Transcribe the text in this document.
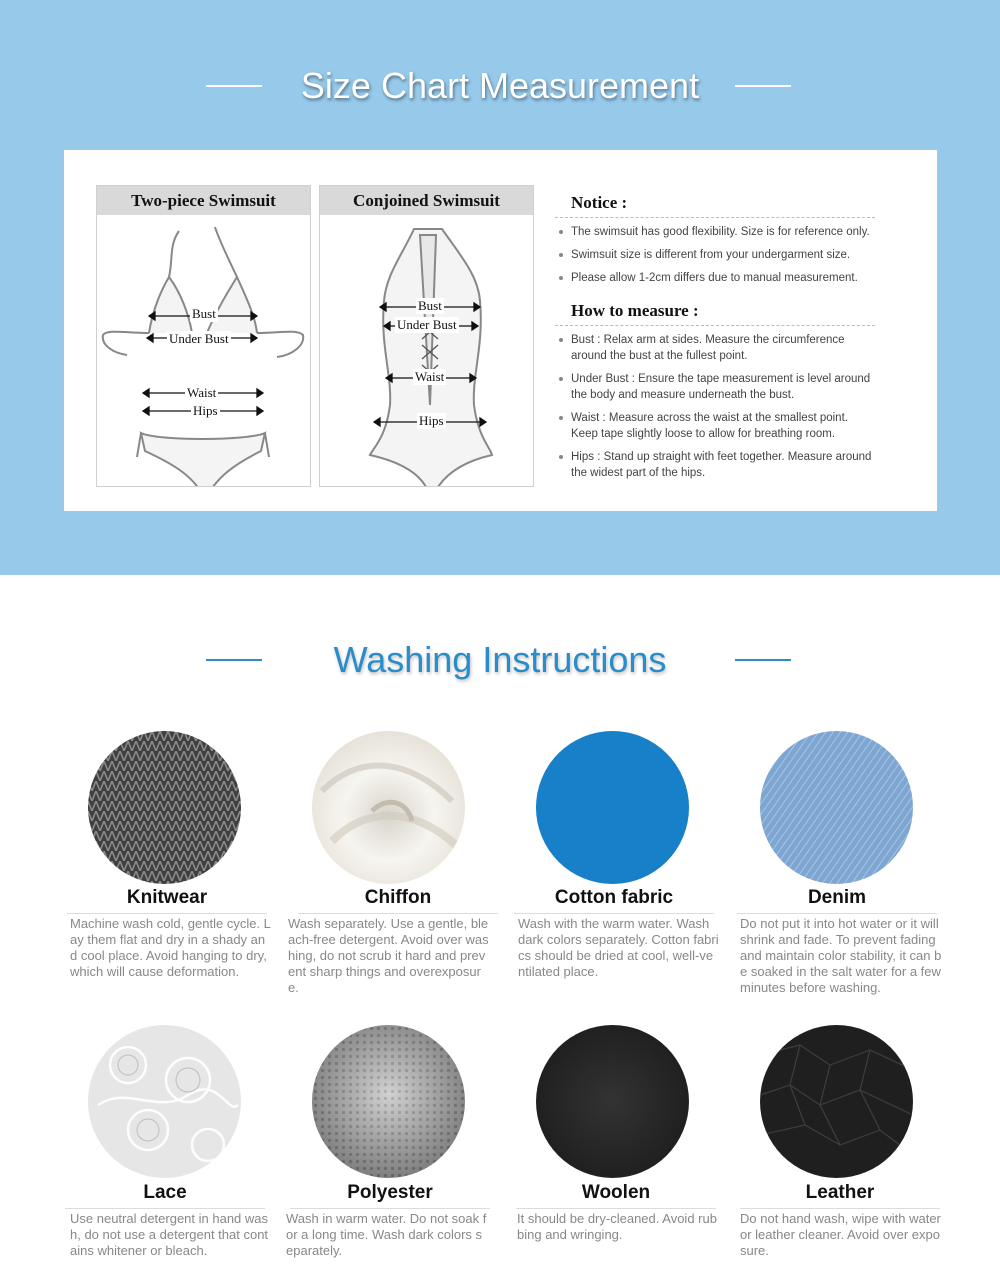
Size Chart Measurement
Two-piece Swimsuit
Bust
Under Bust
Waist
Hips
Conjoined Swimsuit
Bust
Under Bust
Waist
Hips
Notice :
The swimsuit has good flexibility. Size is for reference only.
Swimsuit size is different from your undergarment size.
Please allow 1-2cm differs due to manual measurement.
How to measure :
Bust : Relax arm at sides. Measure the circumference around the bust at the fullest point.
Under Bust : Ensure the tape measurement is level around the body and measure underneath the bust.
Waist : Measure across the waist at the smallest point. Keep tape slightly loose to allow for breathing room.
Hips : Stand up straight with feet together. Measure around the widest part of the hips.
Washing Instructions
Knitwear
Machine wash cold, gentle cycle. Lay them flat and dry in a shady and cool place. Avoid hanging to dry, which will cause deformation.
Chiffon
Wash separately. Use a gentle, bleach-free detergent. Avoid over washing, do not scrub it hard and prevent sharp things and overexposure.
Cotton fabric
Wash with the warm water. Wash dark colors separately. Cotton fabrics should be dried at cool, well-ventilated place.
Denim
Do not put it into hot water or it will shrink and fade. To prevent fading and maintain color stability, it can be soaked in the salt water for a few minutes before washing.
Lace
Use neutral detergent in hand wash, do not use a detergent that contains whitener or bleach.
Polyester
Wash in warm water. Do not soak for a long time. Wash dark colors separately.
Woolen
It should be dry-cleaned. Avoid rubbing and wringing.
Leather
Do not hand wash, wipe with water or leather cleaner. Avoid over exposure.
